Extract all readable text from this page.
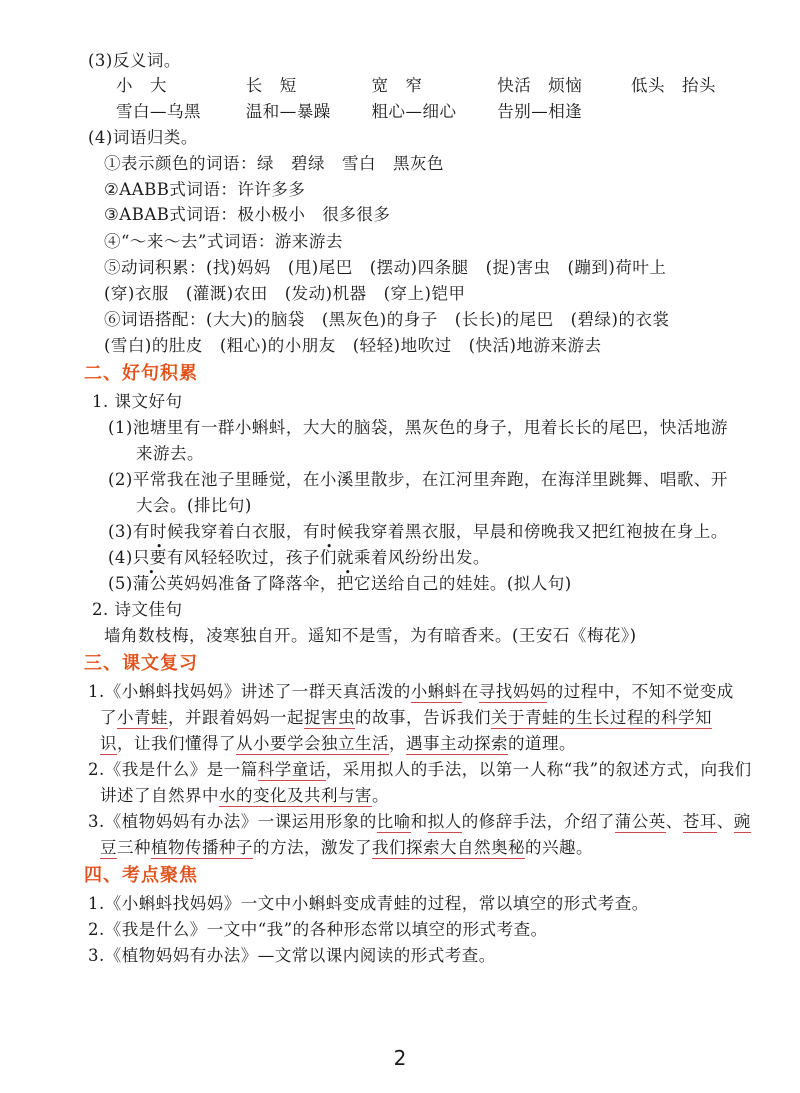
(3)反义词。
小　大	长　短	宽　窄	快活　烦恼	低头　抬头
雪白—乌黑	温和—暴躁 粗心—细心 告别—相逢
(4)词语归类。
①表示颜色的词语：绿　碧绿　雪白　黑灰色
②AABB式词语：许许多多
③ABAB式词语：极小极小　很多很多
④“～来～去”式词语：游来游去
⑤动词积累：(找)妈妈　(甩)尾巴　(摆动)四条腿　(捉)害虫　(蹦到)荷叶上
(穿)衣服　(灌溉)农田　(发动)机器　(穿上)铠甲
⑥词语搭配：(大大)的脑袋　(黑灰色)的身子　(长长)的尾巴　(碧绿)的衣裳
(雪白)的肚皮　(粗心)的小朋友　(轻轻)地吹过　(快活)地游来游去
二、好句积累
1. 课文好句
(1)池塘里有一群小蝌蚪，大大的脑袋，黑灰色的身子，甩着长长的尾巴，快活地游
来游去。
(2)平常我在池子里睡觉，在小溪里散步，在江河里奔跑，在海洋里跳舞、唱歌、开
大会。(排比句)
(3)有时候我穿着白衣服，有时候我穿着黑衣服，早晨和傍晚我又把红袍披在身上。
(4)只要有风轻轻吹过，孩子们就乘着风纷纷出发。
(5)蒲公英妈妈准备了降落伞，把它送给自己的娃娃。(拟人句)
2. 诗文佳句
墙角数枝梅，凌寒独自开。遥知不是雪，为有暗香来。(王安石《梅花》)
三、课文复习
1.《小蝌蚪找妈妈》讲述了一群天真活泼的小蝌蚪在寻找妈妈的过程中，不知不觉变成
了小青蛙，并跟着妈妈一起捉害虫的故事，告诉我们关于青蛙的生长过程的科学知
识，让我们懂得了从小要学会独立生活，遇事主动探索的道理。
2.《我是什么》是一篇科学童话，采用拟人的手法，以第一人称“我”的叙述方式，向我们
讲述了自然界中水的变化及共利与害。
3.《植物妈妈有办法》一课运用形象的比喻和拟人的修辞手法，介绍了蒲公英、苍耳、豌
豆三种植物传播种子的方法，激发了我们探索大自然奥秘的兴趣。
四、考点聚焦
1.《小蝌蚪找妈妈》一文中小蝌蚪变成青蛙的过程，常以填空的形式考查。
2.《我是什么》一文中“我”的各种形态常以填空的形式考查。
3.《植物妈妈有办法》—文常以课内阅读的形式考查。
2
